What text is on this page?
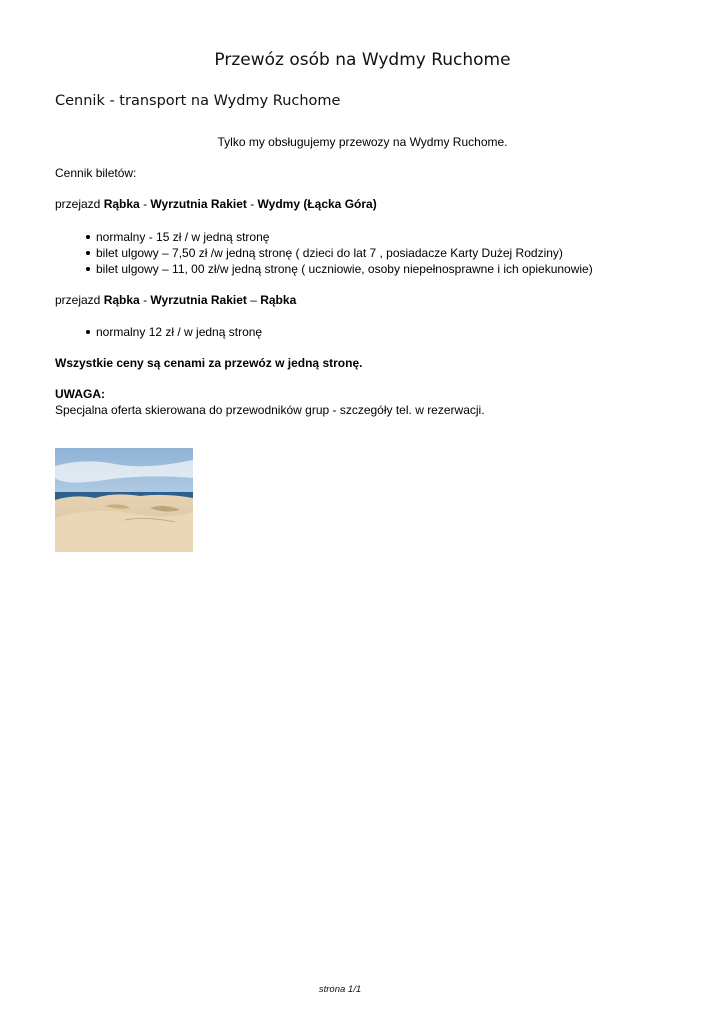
Przewóz osób na Wydmy Ruchome
Cennik - transport na Wydmy Ruchome
Tylko my obsługujemy przewozy na Wydmy Ruchome.
Cennik biletów:
przejazd Rąbka - Wyrzutnia Rakiet - Wydmy (Łącka Góra)
normalny - 15 zł / w jedną stronę
bilet ulgowy – 7,50 zł /w jedną stronę ( dzieci do lat 7 , posiadacze Karty Dużej Rodziny)
bilet ulgowy – 11, 00 zł/w jedną stronę ( uczniowie, osoby niepełnosprawne i ich opiekunowie)
przejazd Rąbka - Wyrzutnia Rakiet – Rąbka
normalny 12 zł / w jedną stronę
Wszystkie ceny są cenami za przewóz w jedną stronę.
UWAGA:
Specjalna oferta skierowana do przewodników grup - szczegóły tel. w rezerwacji.
strona 1/1
